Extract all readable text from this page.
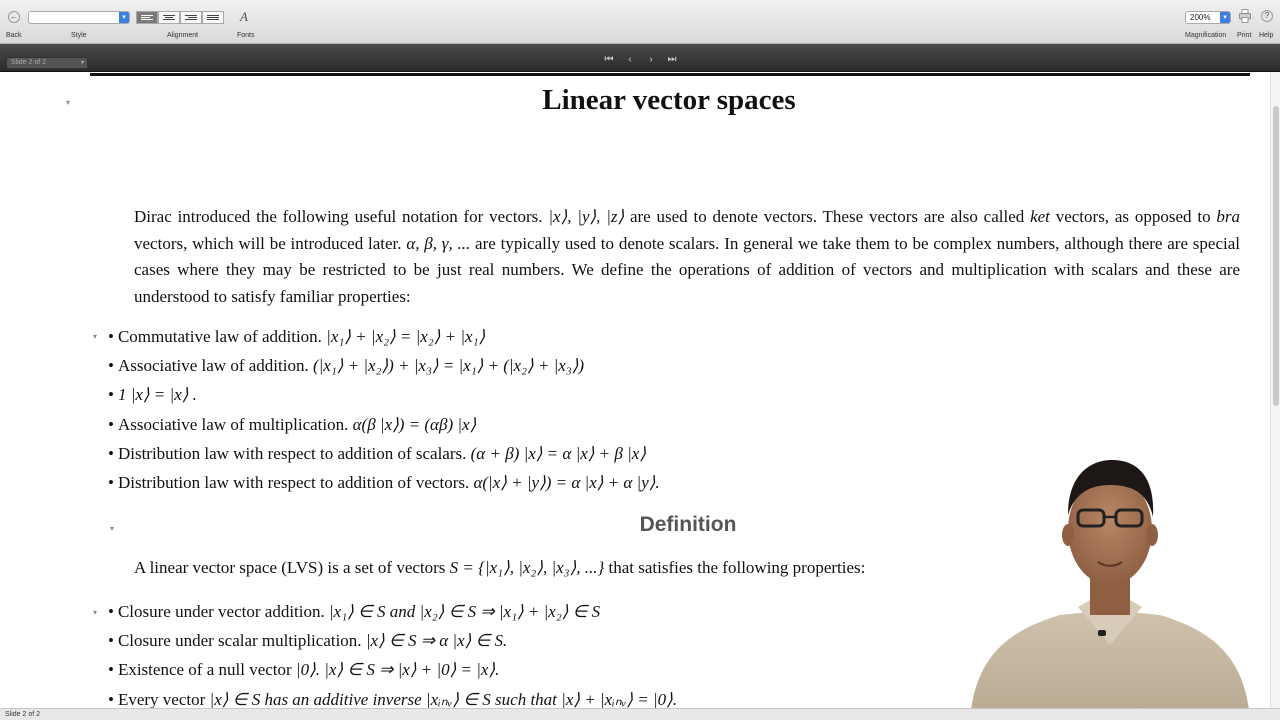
←
Back
▾
Style	Alignment
A
Fonts
200%	▾
Magnification Print
?
Help
Slide 2 of 2	▾	⏮	‹	›	⏭
▾	Linear vector spaces
Dirac introduced the following useful notation for vectors. |x⟩, |y⟩, |z⟩ are used to denote vectors. These vectors are also called ket vectors, as opposed to bra vectors, which will be introduced later. α, β, γ, ... are typically used to denote scalars. In general we take them to be complex numbers, although there are special cases where they may be restricted to be just real numbers. We define the operations of addition of vectors and multiplication with scalars and these are understood to satisfy familiar properties:
▾ • Commutative law of addition. |x₁⟩ + |x₂⟩ = |x₂⟩ + |x₁⟩
• Associative law of addition. (|x₁⟩ + |x₂⟩) + |x₃⟩ = |x₁⟩ + (|x₂⟩ + |x₃⟩)
• 1 |x⟩ = |x⟩ .
• Associative law of multiplication. α(β |x⟩) = (αβ) |x⟩
• Distribution law with respect to addition of scalars. (α + β) |x⟩ = α |x⟩ + β |x⟩
• Distribution law with respect to addition of vectors. α(|x⟩ + |y⟩) = α |x⟩ + α |y⟩.
▾	Definition
A linear vector space (LVS) is a set of vectors S = {|x₁⟩, |x₂⟩, |x₃⟩, ...} that satisfies the following properties:
▾ • Closure under vector addition. |x₁⟩ ∈ S and |x₂⟩ ∈ S ⇒ |x₁⟩ + |x₂⟩ ∈ S
• Closure under scalar multiplication. |x⟩ ∈ S ⇒ α |x⟩ ∈ S.
• Existence of a null vector |0⟩. |x⟩ ∈ S ⇒ |x⟩ + |0⟩ = |x⟩.
• Every vector |x⟩ ∈ S has an additive inverse |xᵢₙᵥ⟩ ∈ S such that |x⟩ + |xᵢₙᵥ⟩ = |0⟩.
Slide 2 of 2
